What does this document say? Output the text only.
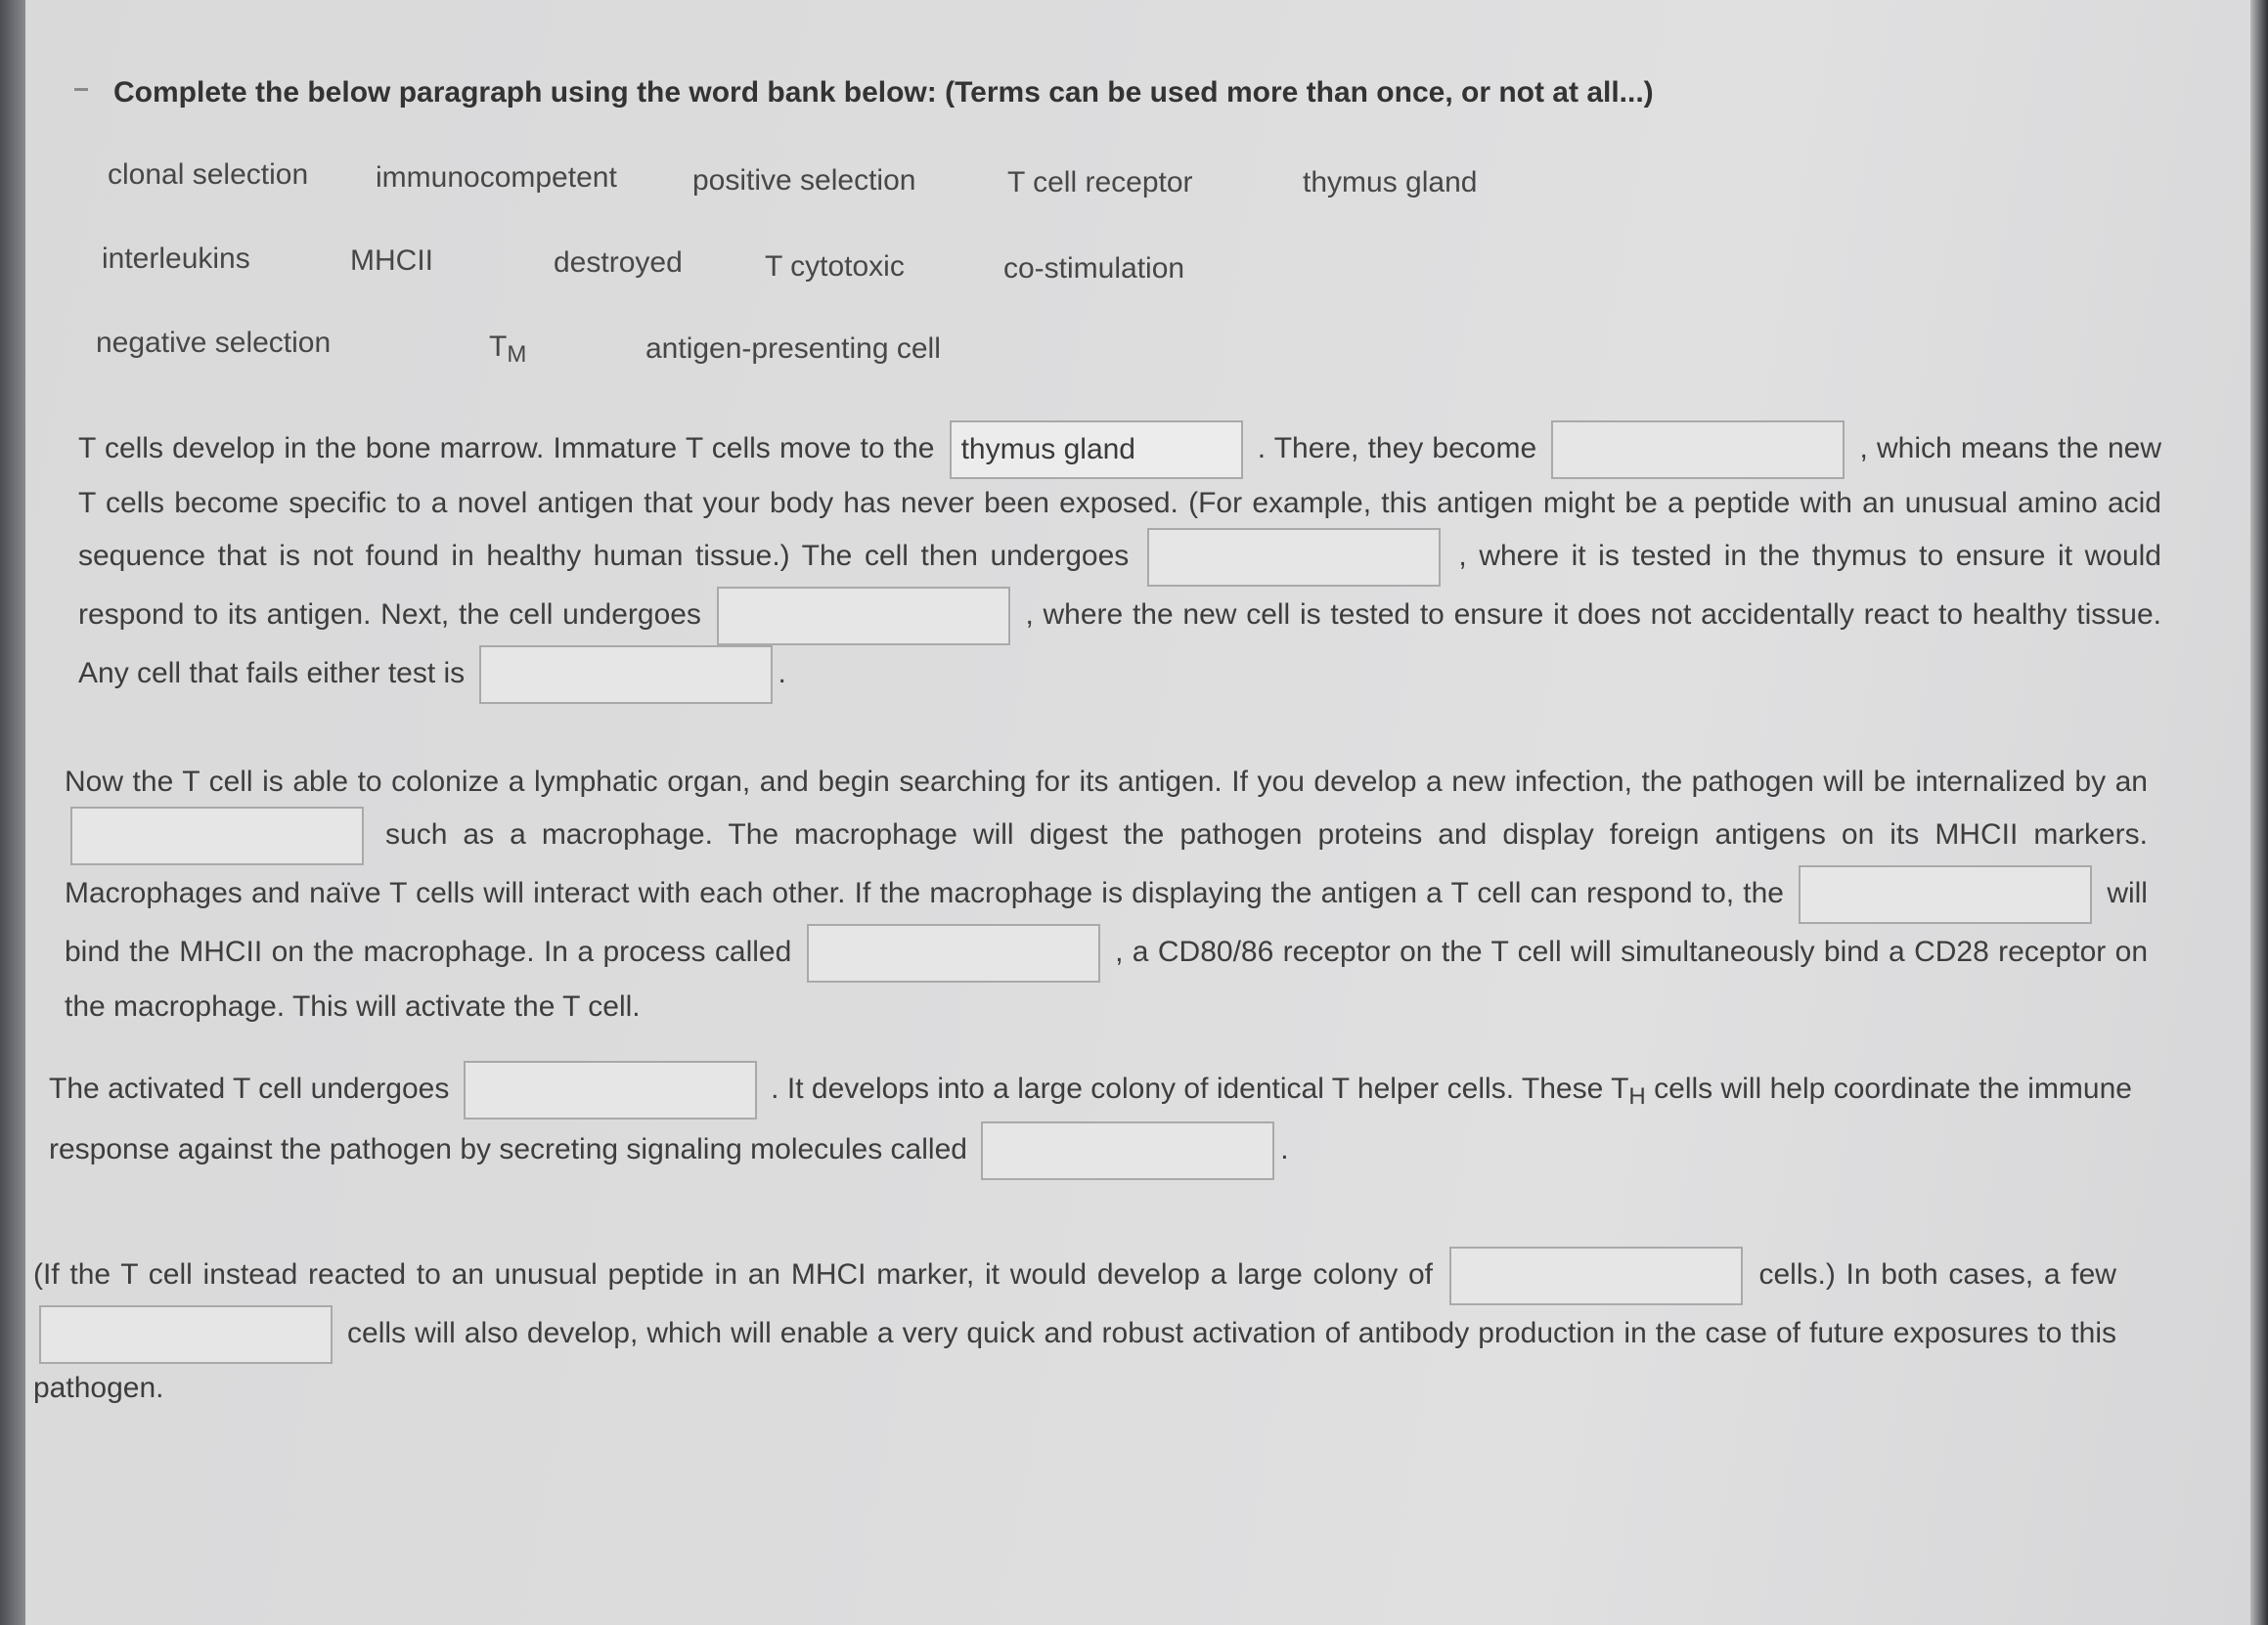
Complete the below paragraph using the word bank below: (Terms can be used more than once, or not at all...)
clonal selection immunocompetent	positive selection	T cell receptor	thymus gland
interleukins	MHCII	destroyed	T cytotoxic	co-stimulation
negative selection	$T_M$	antigen-presenting cell
T cells develop in the bone marrow. Immature T cells move to the thymus gland	. There, they become	, which means the new T cells become specific to a novel antigen that your body has never been exposed. (For example, this antigen might be a peptide with an unusual amino acid sequence that is not found in healthy human tissue.) The cell then undergoes	, where it is tested in the thymus to ensure it would respond to its antigen. Next, the cell undergoes	, where the new cell is tested to ensure it does not accidentally react to healthy tissue. Any cell that fails either test is	.
Now the T cell is able to colonize a lymphatic organ, and begin searching for its antigen. If you develop a new infection, the pathogen will be internalized by an  such as a macrophage. The macrophage will digest the pathogen proteins and display foreign antigens on its MHCII markers. Macrophages and naïve T cells will interact with each other. If the macrophage is displaying the antigen a T cell can respond to, the	will bind the MHCII on the macrophage. In a process called	, a CD80/86 receptor on the T cell will simultaneously bind a CD28 receptor on the macrophage. This will activate the T cell.
The activated T cell undergoes	. It develops into a large colony of identical T helper cells. These $T_H$ cells will help coordinate the immune response against the pathogen by secreting signaling molecules called	.
(If the T cell instead reacted to an unusual peptide in an MHCI marker, it would develop a large colony of	cells.) In both cases, a few  cells will also develop, which will enable a very quick and robust activation of antibody production in the case of future exposures to this pathogen.
